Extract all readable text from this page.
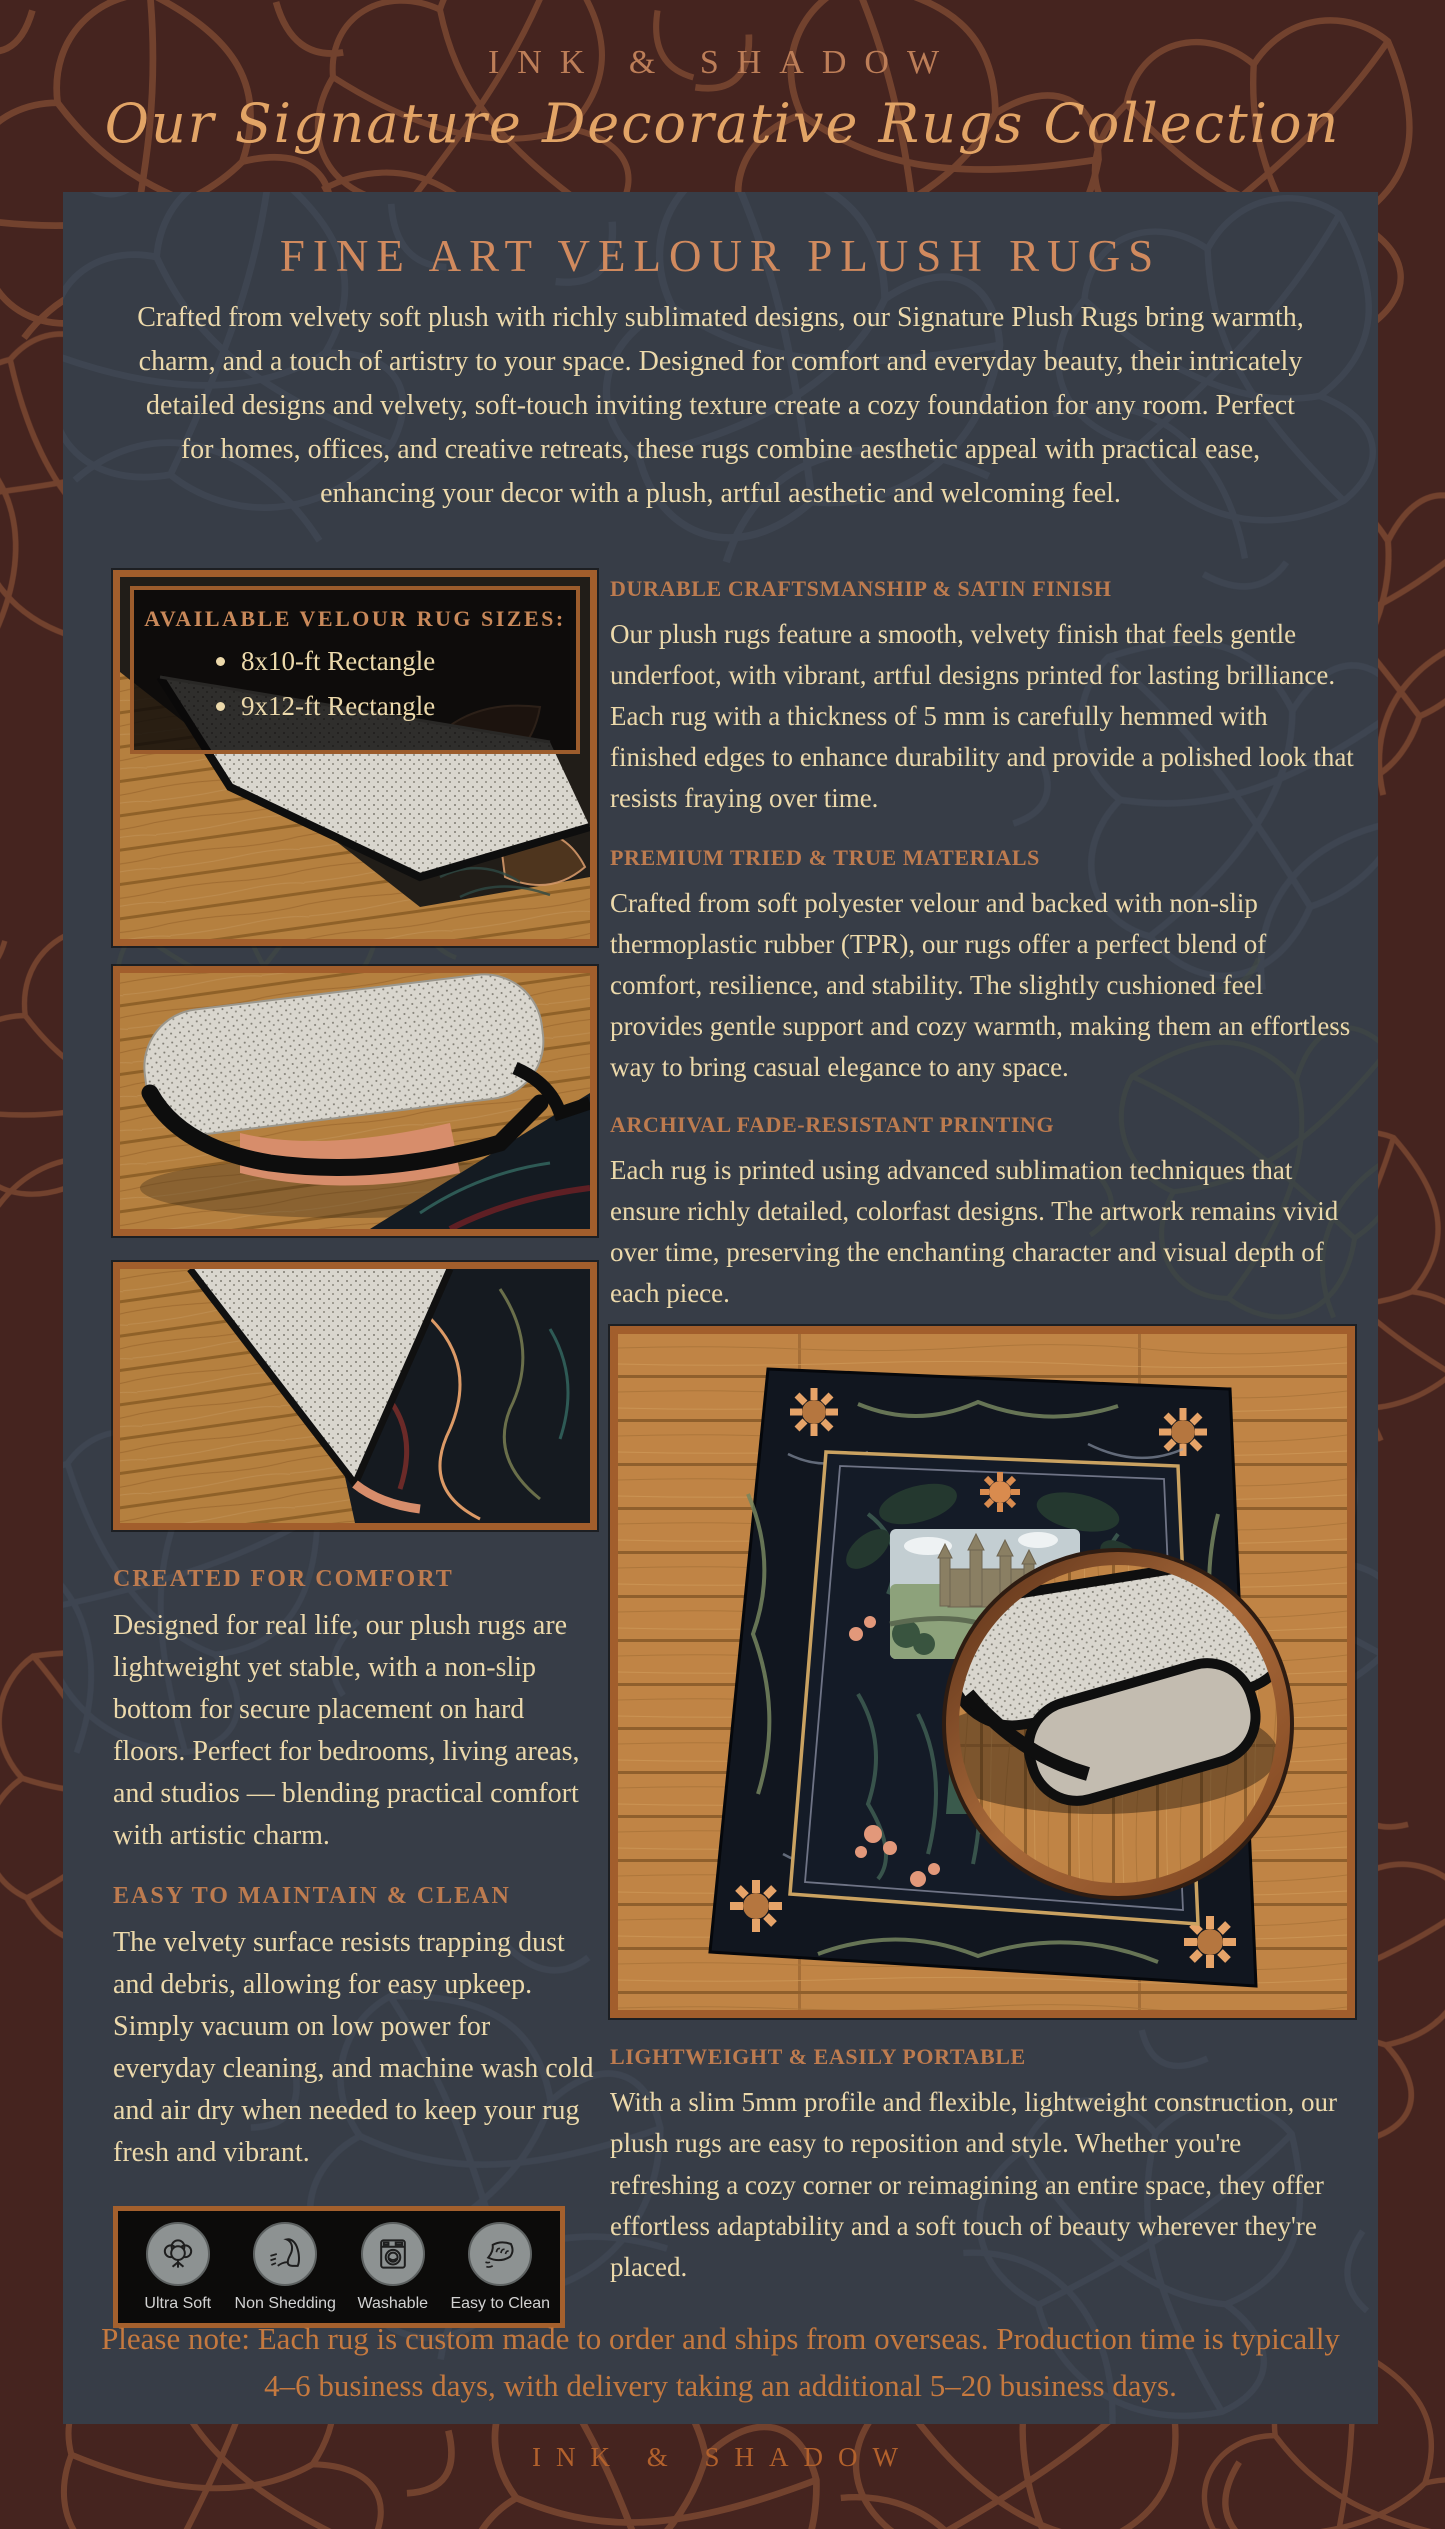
INK & SHADOW
Our Signature Decorative Rugs Collection
FINE ART VELOUR PLUSH RUGS
Crafted from velvety soft plush with richly sublimated designs, our Signature Plush Rugs bring warmth, charm, and a touch of artistry to your space. Designed for comfort and everyday beauty, their intricately detailed designs and velvety, soft-touch inviting texture create a cozy foundation for any room. Perfect for homes, offices, and creative retreats, these rugs combine aesthetic appeal with practical ease, enhancing your decor with a plush, artful aesthetic and welcoming feel.
AVAILABLE VELOUR RUG SIZES:
8x10-ft Rectangle
9x12-ft Rectangle
CREATED FOR COMFORT

Designed for real life, our plush rugs are lightweight yet stable, with a non-slip bottom for secure placement on hard floors. Perfect for bedrooms, living areas, and studios — blending practical comfort with artistic charm.

EASY TO MAINTAIN & CLEAN

The velvety surface resists trapping dust and debris, allowing for easy upkeep. Simply vacuum on low power for everyday cleaning, and machine wash cold and air dry when needed to keep your rug fresh and vibrant.

Ultra Soft Non Shedding Washable Easy to Clean
DURABLE CRAFTSMANSHIP & SATIN FINISH

Our plush rugs feature a smooth, velvety finish that feels gentle underfoot, with vibrant, artful designs printed for lasting brilliance. Each rug with a thickness of 5 mm is carefully hemmed with finished edges to enhance durability and provide a polished look that resists fraying over time.

PREMIUM TRIED & TRUE MATERIALS

Crafted from soft polyester velour and backed with non-slip thermoplastic rubber (TPR), our rugs offer a perfect blend of comfort, resilience, and stability. The slightly cushioned feel provides gentle support and cozy warmth, making them an effortless way to bring casual elegance to any space.

ARCHIVAL FADE-RESISTANT PRINTING

Each rug is printed using advanced sublimation techniques that ensure richly detailed, colorfast designs. The artwork remains vivid over time, preserving the enchanting character and visual depth of each piece.

LIGHTWEIGHT & EASILY PORTABLE

With a slim 5mm profile and flexible, lightweight construction, our plush rugs are easy to reposition and style. Whether you're refreshing a cozy corner or reimagining an entire space, they offer effortless adaptability and a soft touch of beauty wherever they're placed.

Please note: Each rug is custom made to order and ships from overseas. Production time is typically 4–6 business days, with delivery taking an additional 5–20 business days.
INK & SHADOW
